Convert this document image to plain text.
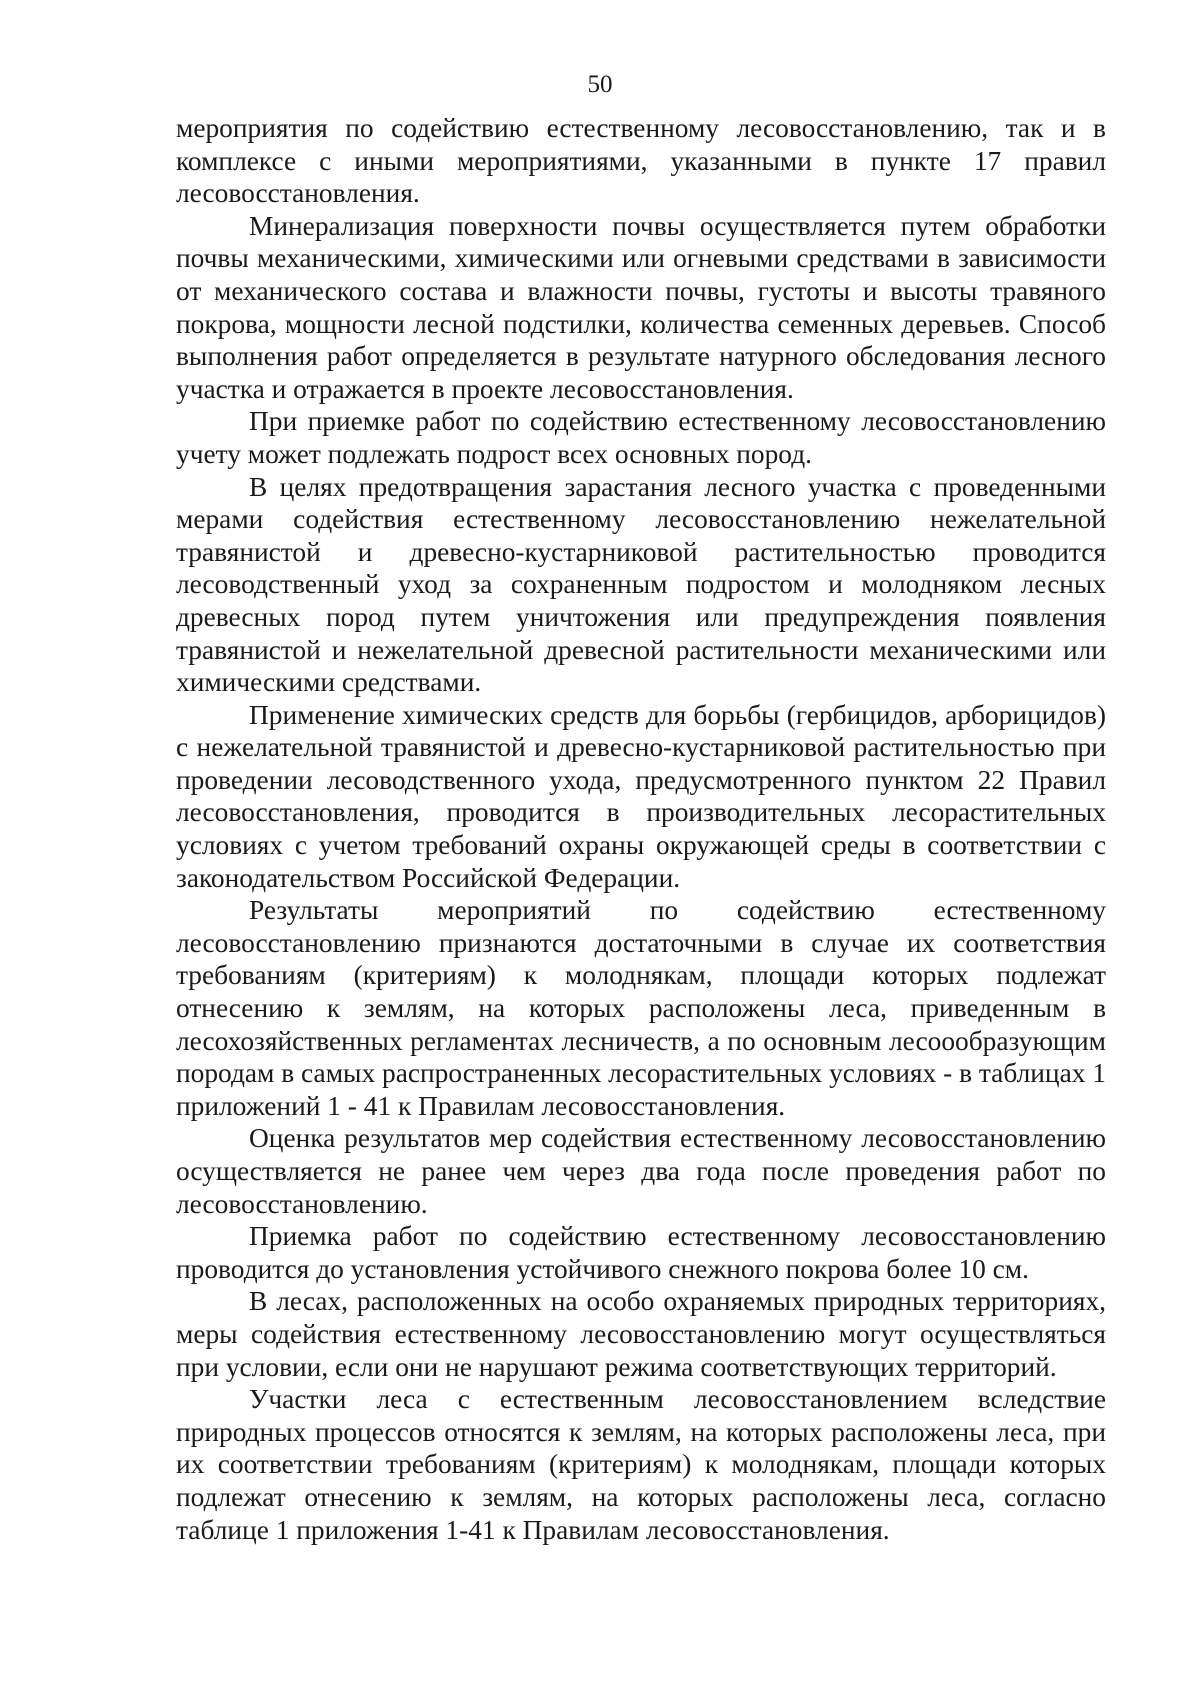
50

мероприятия по содействию естественному лесовосстановлению, так и в комплексе с иными мероприятиями, указанными в пункте 17 правил лесовосстановления.

Минерализация поверхности почвы осуществляется путем обработки почвы механическими, химическими или огневыми средствами в зависимости от механического состава и влажности почвы, густоты и высоты травяного покрова, мощности лесной подстилки, количества семенных деревьев. Способ выполнения работ определяется в результате натурного обследования лесного участка и отражается в проекте лесовосстановления.

При приемке работ по содействию естественному лесовосстановлению учету может подлежать подрост всех основных пород.

В целях предотвращения зарастания лесного участка с проведенными мерами содействия естественному лесовосстановлению нежелательной травянистой и древесно-кустарниковой растительностью проводится лесоводственный уход за сохраненным подростом и молодняком лесных древесных пород путем уничтожения или предупреждения появления травянистой и нежелательной древесной растительности механическими или химическими средствами.

Применение химических средств для борьбы (гербицидов, арборицидов) с нежелательной травянистой и древесно-кустарниковой растительностью при проведении лесоводственного ухода, предусмотренного пунктом 22 Правил лесовосстановления, проводится в производительных лесорастительных условиях с учетом требований охраны окружающей среды в соответствии с законодательством Российской Федерации.

Результаты мероприятий по содействию естественному лесовосстановлению признаются достаточными в случае их соответствия требованиям (критериям) к молоднякам, площади которых подлежат отнесению к землям, на которых расположены леса, приведенным в лесохозяйственных регламентах лесничеств, а по основным лесоообразующим породам в самых распространенных лесорастительных условиях - в таблицах 1 приложений 1 - 41 к Правилам лесовосстановления.

Оценка результатов мер содействия естественному лесовосстановлению осуществляется не ранее чем через два года после проведения работ по лесовосстановлению.

Приемка работ по содействию естественному лесовосстановлению проводится до установления устойчивого снежного покрова более 10 см.

В лесах, расположенных на особо охраняемых природных территориях, меры содействия естественному лесовосстановлению могут осуществляться при условии, если они не нарушают режима соответствующих территорий.

Участки леса с естественным лесовосстановлением вследствие природных процессов относятся к землям, на которых расположены леса, при их соответствии требованиям (критериям) к молоднякам, площади которых подлежат отнесению к землям, на которых расположены леса, согласно таблице 1 приложения 1-41 к Правилам лесовосстановления.
